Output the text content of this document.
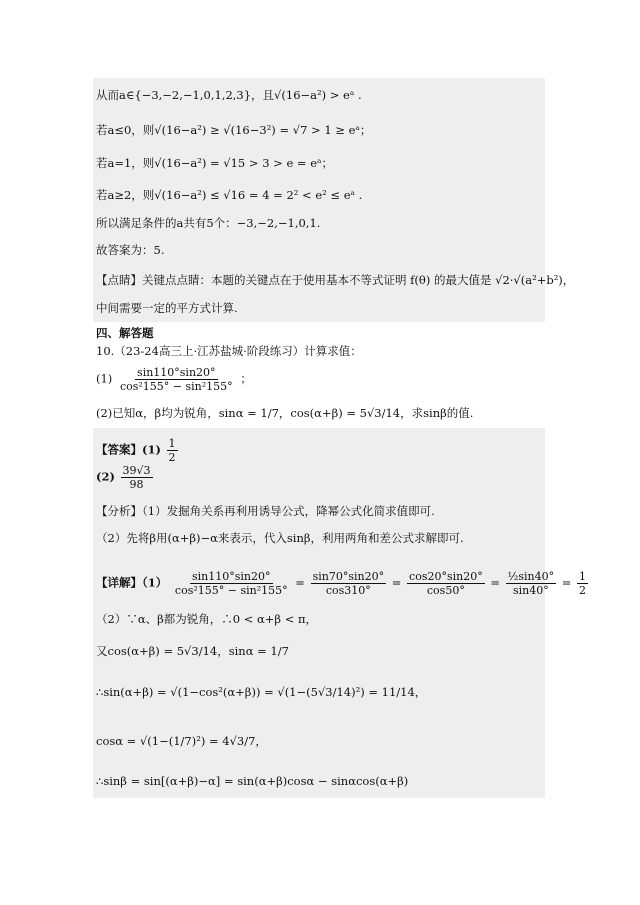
从而a∈{−3,−2,−1,0,1,2,3}，且√(16−a²) > eᵃ .
若a≤0，则√(16−a²) ≥ √(16−3²) = √7 > 1 ≥ eᵃ；
若a=1，则√(16−a²) = √15 > 3 > e = eᵃ；
若a≥2，则√(16−a²) ≤ √16 = 4 = 2² < e² ≤ eᵃ .
所以满足条件的a共有5个：−3,−2,−1,0,1.
故答案为：5.
【点睛】关键点点睛：本题的关键点在于使用基本不等式证明 f(θ) 的最大值是 √2·√(a²+b²)，
中间需要一定的平方式计算.
四、解答题
10.（23-24高三上·江苏盐城·阶段练习）计算求值：
$(1) \frac{\sin 110^\circ\sin 20^\circ}{\text{cos²155° − sin²155°}}$ ；
(2)已知α，β均为锐角，sinα = 1/7，cos(α+β) = 5√3/14，求sinβ的值.
【答案】$(1) \frac{1}{2}$
$(2) \frac{39√3}{98}$
【分析】（1）发掘角关系再利用诱导公式，降幂公式化简求值即可.
（2）先将β用(α+β)−α来表示，代入sinβ，利用两角和差公式求解即可.
【详解】$(1) \frac{\sin 110^\circ\sin 20^\circ}{\text{cos²155° − sin²155°}} = \frac{\sin 70^\circ\sin 20^\circ}{\cos 310^\circ} = \frac{\cos 20^\circ\sin 20^\circ}{\cos 50^\circ} = \frac{\text{½sin40°}}{\sin 40^\circ} = \frac{1}{2}$
（2）∵α、β都为锐角，∴0 < α+β < π，
又cos(α+β) = 5√3/14，sinα = 1/7
∴sin(α+β) = √(1−cos²(α+β)) = √(1−(5√3/14)²) = 11/14，
cosα = √(1−(1/7)²) = 4√3/7，
∴sinβ = sin[(α+β)−α] = sin(α+β)cosα − sinαcos(α+β)
